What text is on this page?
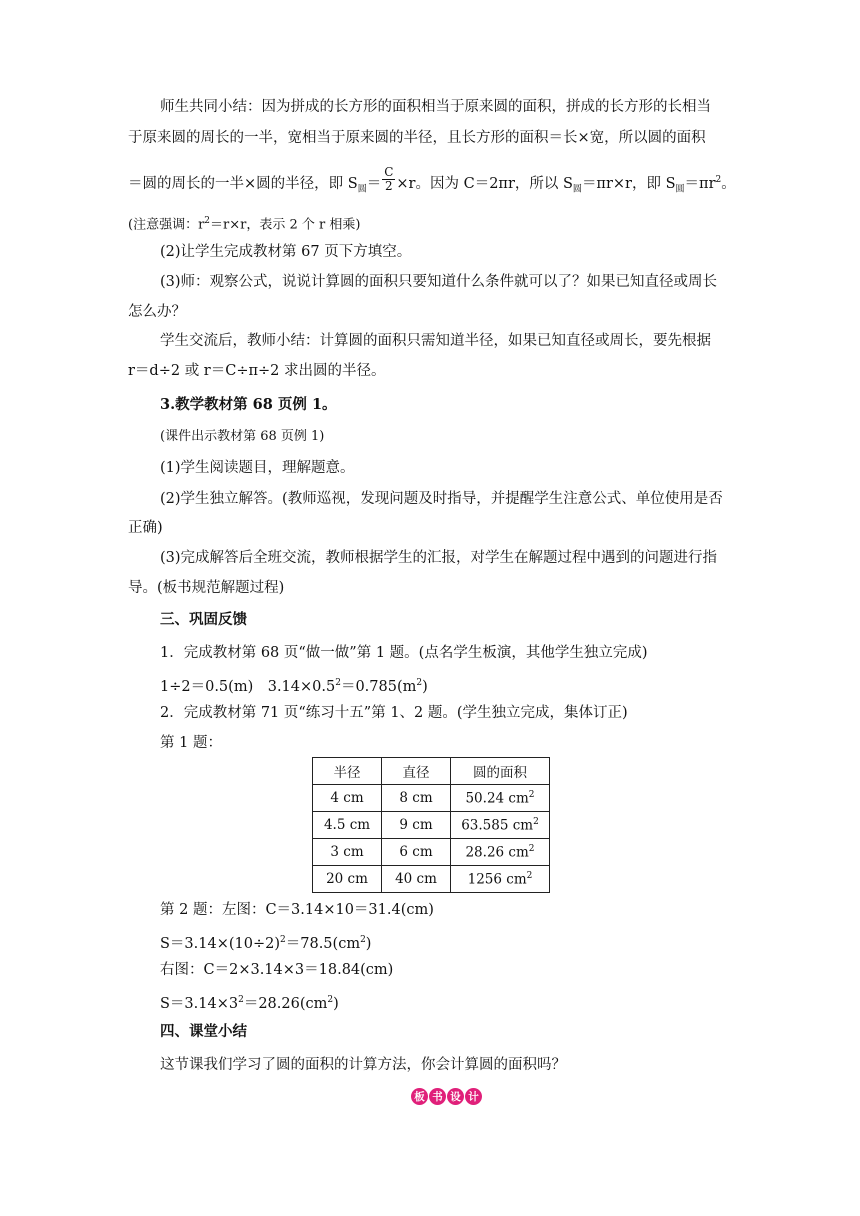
师生共同小结：因为拼成的长方形的面积相当于原来圆的面积，拼成的长方形的长相当
于原来圆的周长的一半，宽相当于原来圆的半径，且长方形的面积＝长×宽，所以圆的面积
＝圆的周长的一半×圆的半径，即 $S_圆= \frac{C}{2} \times r$。因为 C＝2πr，所以 $S_圆=\pi r\times r$，即 $S_圆=\pi r^2$。
(注意强调：$r^2=r\times r$，表示 2 个 r 相乘)
(2)让学生完成教材第 67 页下方填空。
(3)师：观察公式，说说计算圆的面积只要知道什么条件就可以了？如果已知直径或周长
怎么办？
学生交流后，教师小结：计算圆的面积只需知道半径，如果已知直径或周长，要先根据
r＝d÷2 或 r＝C÷π÷2 求出圆的半径。
3.教学教材第 68 页例 1。
(课件出示教材第 68 页例 1)
(1)学生阅读题目，理解题意。
(2)学生独立解答。(教师巡视，发现问题及时指导，并提醒学生注意公式、单位使用是否
正确)
(3)完成解答后全班交流，教师根据学生的汇报，对学生在解题过程中遇到的问题进行指
导。(板书规范解题过程)
三、巩固反馈
1．完成教材第 68 页“做一做”第 1 题。(点名学生板演，其他学生独立完成)
1÷2＝0.5(m)　$3.14\times 0.5^2=0.785(m^2)$
2．完成教材第 71 页“练习十五”第 1、2 题。(学生独立完成，集体订正)
第 1 题：
半径	直径	圆的面积
4 cm	8 cm	50.24 $cm^2$
4.5 cm	9 cm	63.585 $cm^2$
3 cm	6 cm	28.26 $cm^2$
20 cm	40 cm	1256 $cm^2$
第 2 题：左图：C＝3.14×10＝31.4(cm)
$S=3.14\times(10\div 2)^2=78.5(cm^2)$
右图：C＝2×3.14×3＝18.84(cm)
$S=3.14\times 3^2=28.26(cm^2)$
四、课堂小结
这节课我们学习了圆的面积的计算方法，你会计算圆的面积吗？
板 书 设 计
